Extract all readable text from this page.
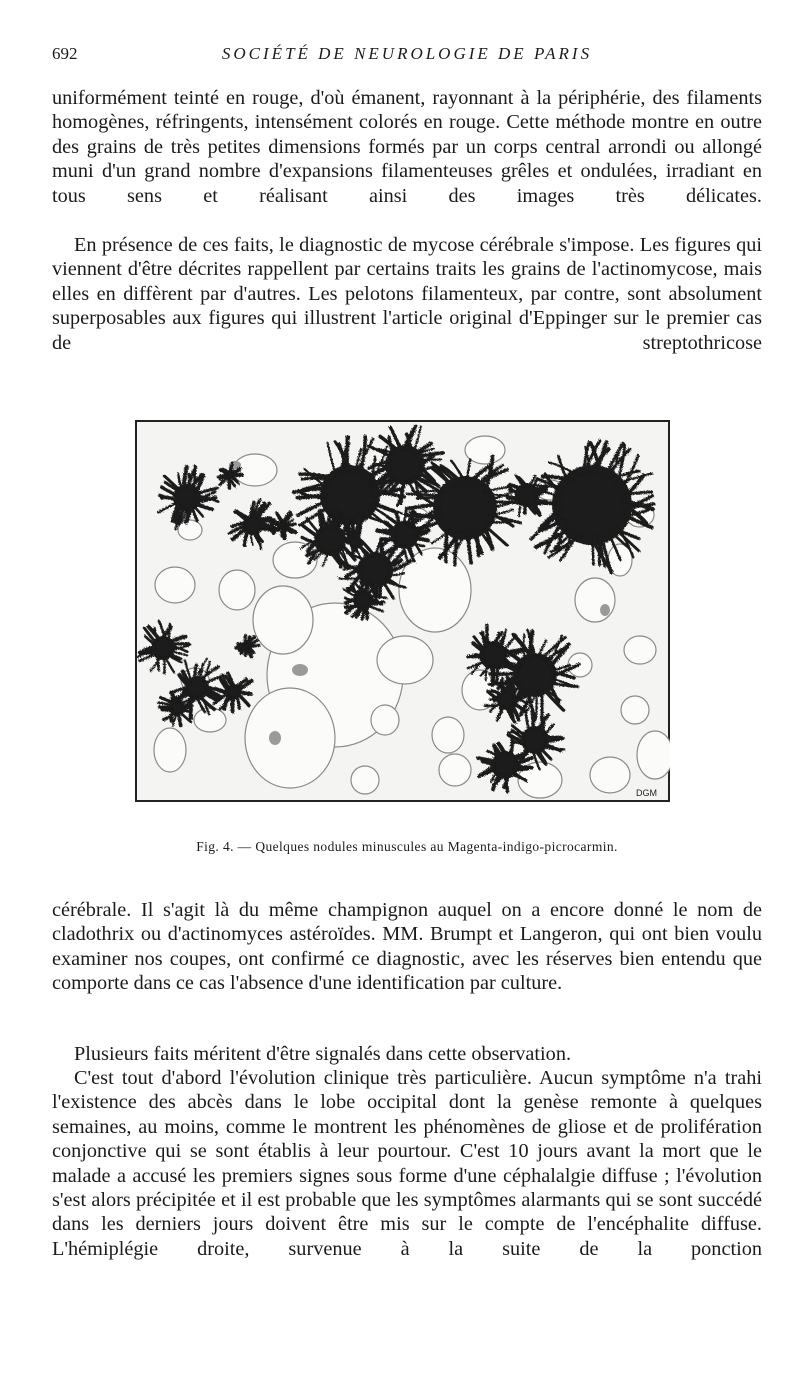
692	SOCIÉTÉ DE NEUROLOGIE DE PARIS

uniformément teinté en rouge, d'où émanent, rayonnant à la périphérie, des filaments homogènes, réfringents, intensément colorés en rouge. Cette méthode montre en outre des grains de très petites dimensions formés par un corps central arrondi ou allongé muni d'un grand nombre d'expansions filamenteuses grêles et ondulées, irradiant en tous sens et réalisant ainsi des images très délicates.

En présence de ces faits, le diagnostic de mycose cérébrale s'impose. Les figures qui viennent d'être décrites rappellent par certains traits les grains de l'actinomycose, mais elles en diffèrent par d'autres. Les pelotons filamenteux, par contre, sont absolument superposables aux figures qui illustrent l'article original d'Eppinger sur le premier cas de streptothricose

DGM
Fig. 4. — Quelques nodules minuscules au Magenta-indigo-picrocarmin.

cérébrale. Il s'agit là du même champignon auquel on a encore donné le nom de cladothrix ou d'actinomyces astéroïdes. MM. Brumpt et Langeron, qui ont bien voulu examiner nos coupes, ont confirmé ce diagnostic, avec les réserves bien entendu que comporte dans ce cas l'absence d'une identification par culture.

Plusieurs faits méritent d'être signalés dans cette observation.

C'est tout d'abord l'évolution clinique très particulière. Aucun symptôme n'a trahi l'existence des abcès dans le lobe occipital dont la genèse remonte à quelques semaines, au moins, comme le montrent les phénomènes de gliose et de prolifération conjonctive qui se sont établis à leur pourtour. C'est 10 jours avant la mort que le malade a accusé les premiers signes sous forme d'une céphalalgie diffuse ; l'évolution s'est alors précipitée et il est probable que les symptômes alarmants qui se sont succédé dans les derniers jours doivent être mis sur le compte de l'encéphalite diffuse. L'hémiplégie droite, survenue à la suite de la ponction
